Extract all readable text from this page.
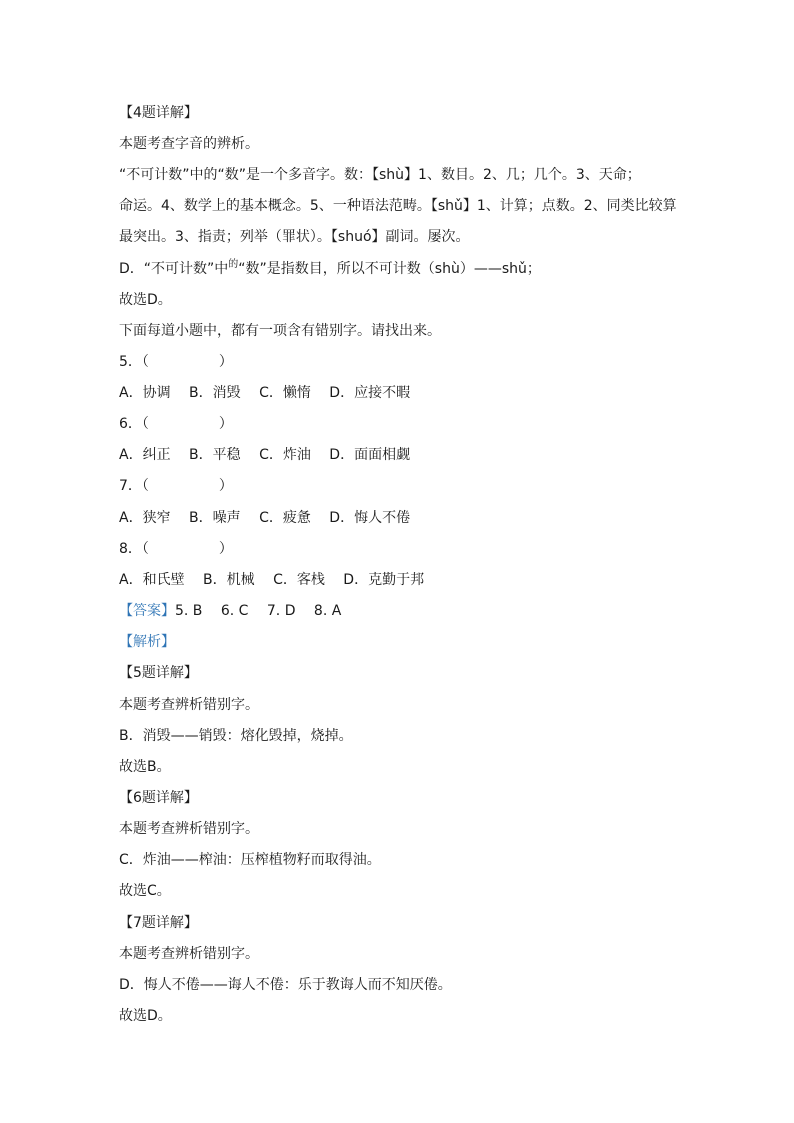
【4题详解】
本题考查字音的辨析。
“不可计数”中的“数”是一个多音字。数：【shù】1、数目。2、几；几个。3、天命；
命运。4、数学上的基本概念。5、一种语法范畴。【shǔ】1、计算；点数。2、同类比较算
最突出。3、指责；列举（罪状）。【shuó】副词。屡次。
D．“不可计数”中$^的$“数”是指数目，所以不可计数（shù）——shǔ；
故选D。
下面每道小题中，都有一项含有错别字。请找出来。
5．（　　　　　）
A．协调　 B．消毁　 C．懒惰　 D．应接不暇
6．（　　　　　）
A．纠正　 B．平稳　 C．炸油　 D．面面相觑
7．（　　　　　）
A．狭窄　 B．噪声　 C．疲惫　 D．悔人不倦
8．（　　　　　）
A．和氏壁　 B．机械　 C．客栈　 D．克勤于邦
【答案】5. B　 6. C　 7. D　 8. A
【解析】
【5题详解】
本题考查辨析错别字。
B．消毁——销毁：熔化毁掉，烧掉。
故选B。
【6题详解】
本题考查辨析错别字。
C．炸油——榨油：压榨植物籽而取得油。
故选C。
【7题详解】
本题考查辨析错别字。
D．悔人不倦——诲人不倦：乐于教诲人而不知厌倦。
故选D。
